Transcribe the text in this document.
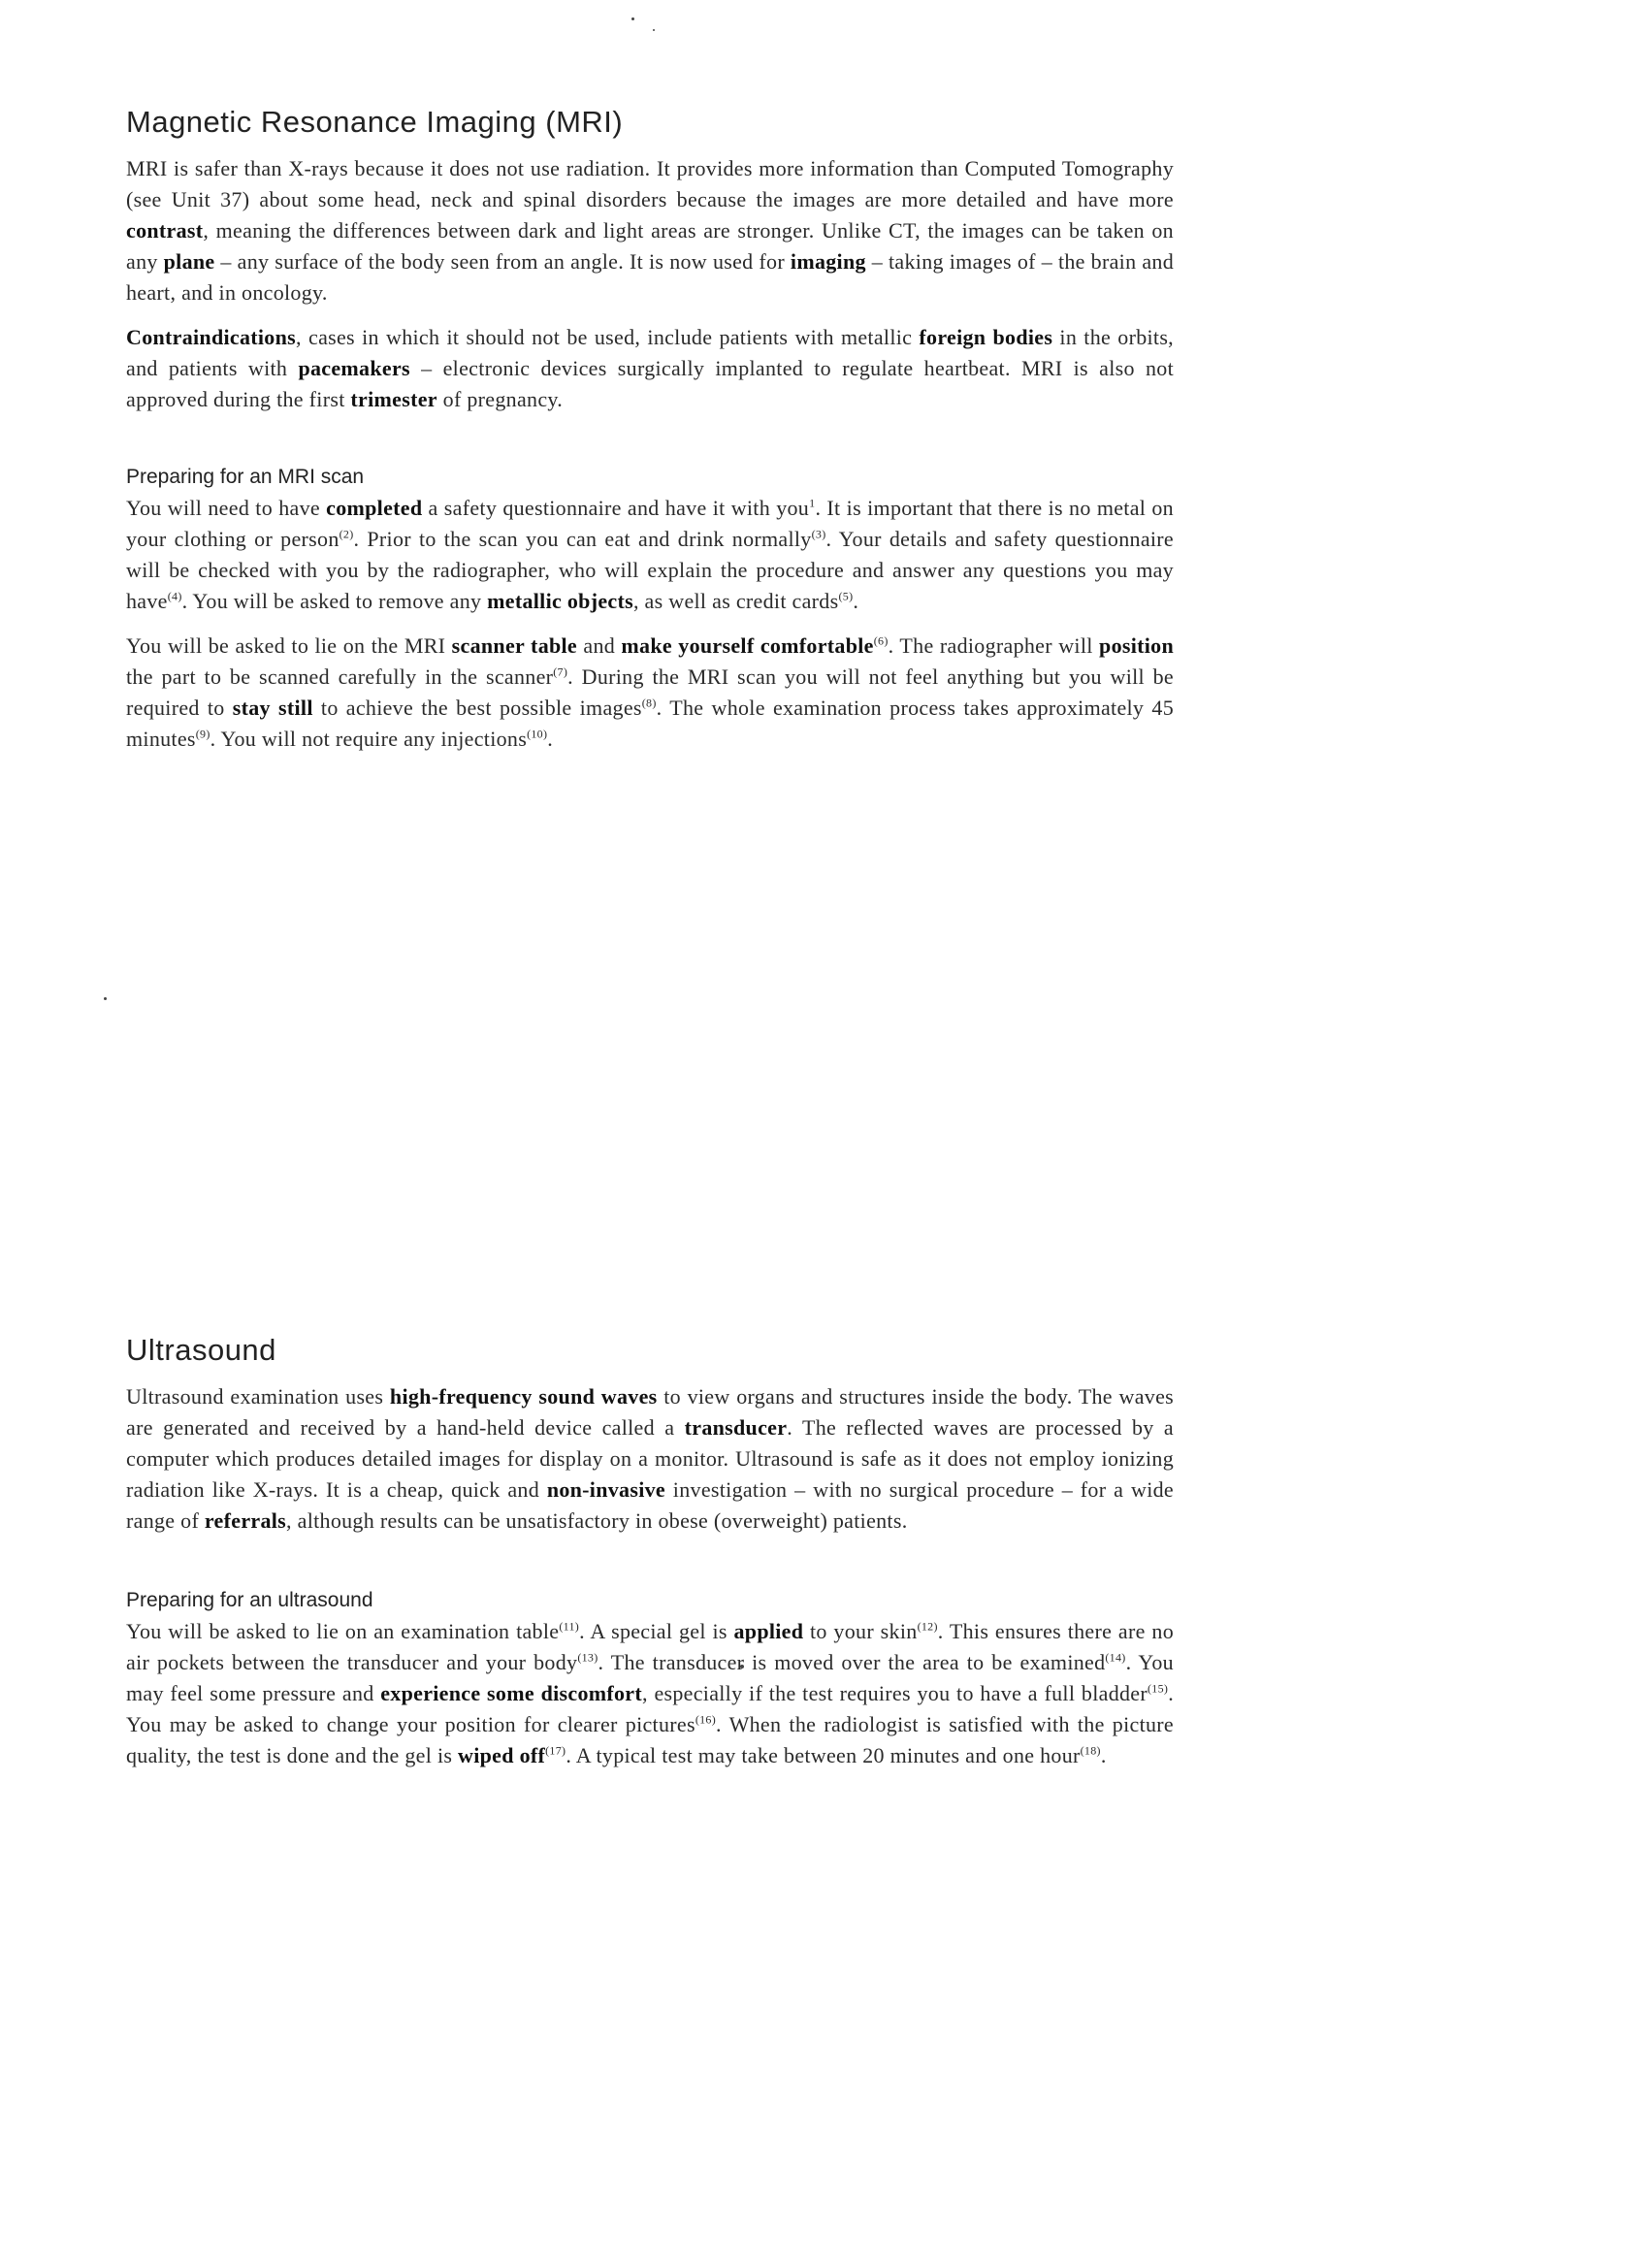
Magnetic Resonance Imaging (MRI)

MRI is safer than X-rays because it does not use radiation. It provides more information than Computed Tomography (see Unit 37) about some head, neck and spinal disorders because the images are more detailed and have more contrast, meaning the differences between dark and light areas are stronger. Unlike CT, the images can be taken on any plane – any surface of the body seen from an angle. It is now used for imaging – taking images of – the brain and heart, and in oncology.

Contraindications, cases in which it should not be used, include patients with metallic foreign bodies in the orbits, and patients with pacemakers – electronic devices surgically implanted to regulate heartbeat. MRI is also not approved during the first trimester of pregnancy.

Preparing for an MRI scan

You will need to have completed a safety questionnaire and have it with you$^1$. It is important that there is no metal on your clothing or person$^{(2)}$. Prior to the scan you can eat and drink normally$^{(3)}$. Your details and safety questionnaire will be checked with you by the radiographer, who will explain the procedure and answer any questions you may have$^{(4)}$. You will be asked to remove any metallic objects, as well as credit cards$^{(5)}$.

You will be asked to lie on the MRI scanner table and make yourself comfortable$^{(6)}$. The radiographer will position the part to be scanned carefully in the scanner$^{(7)}$. During the MRI scan you will not feel anything but you will be required to stay still to achieve the best possible images$^{(8)}$. The whole examination process takes approximately 45 minutes$^{(9)}$. You will not require any injections$^{(10)}$.

Ultrasound

Ultrasound examination uses high-frequency sound waves to view organs and structures inside the body. The waves are generated and received by a hand-held device called a transducer. The reflected waves are processed by a computer which produces detailed images for display on a monitor. Ultrasound is safe as it does not employ ionizing radiation like X-rays. It is a cheap, quick and non-invasive investigation – with no surgical procedure – for a wide range of referrals, although results can be unsatisfactory in obese (overweight) patients.

Preparing for an ultrasound

You will be asked to lie on an examination table$^{(11)}$. A special gel is applied to your skin$^{(12)}$. This ensures there are no air pockets between the transducer and your body$^{(13)}$. The transducer is moved over the area to be examined$^{(14)}$. You may feel some pressure and experience some discomfort, especially if the test requires you to have a full bladder$^{(15)}$. You may be asked to change your position for clearer pictures$^{(16)}$. When the radiologist is satisfied with the picture quality, the test is done and the gel is wiped off$^{(17)}$. A typical test may take between 20 minutes and one hour$^{(18)}$.
